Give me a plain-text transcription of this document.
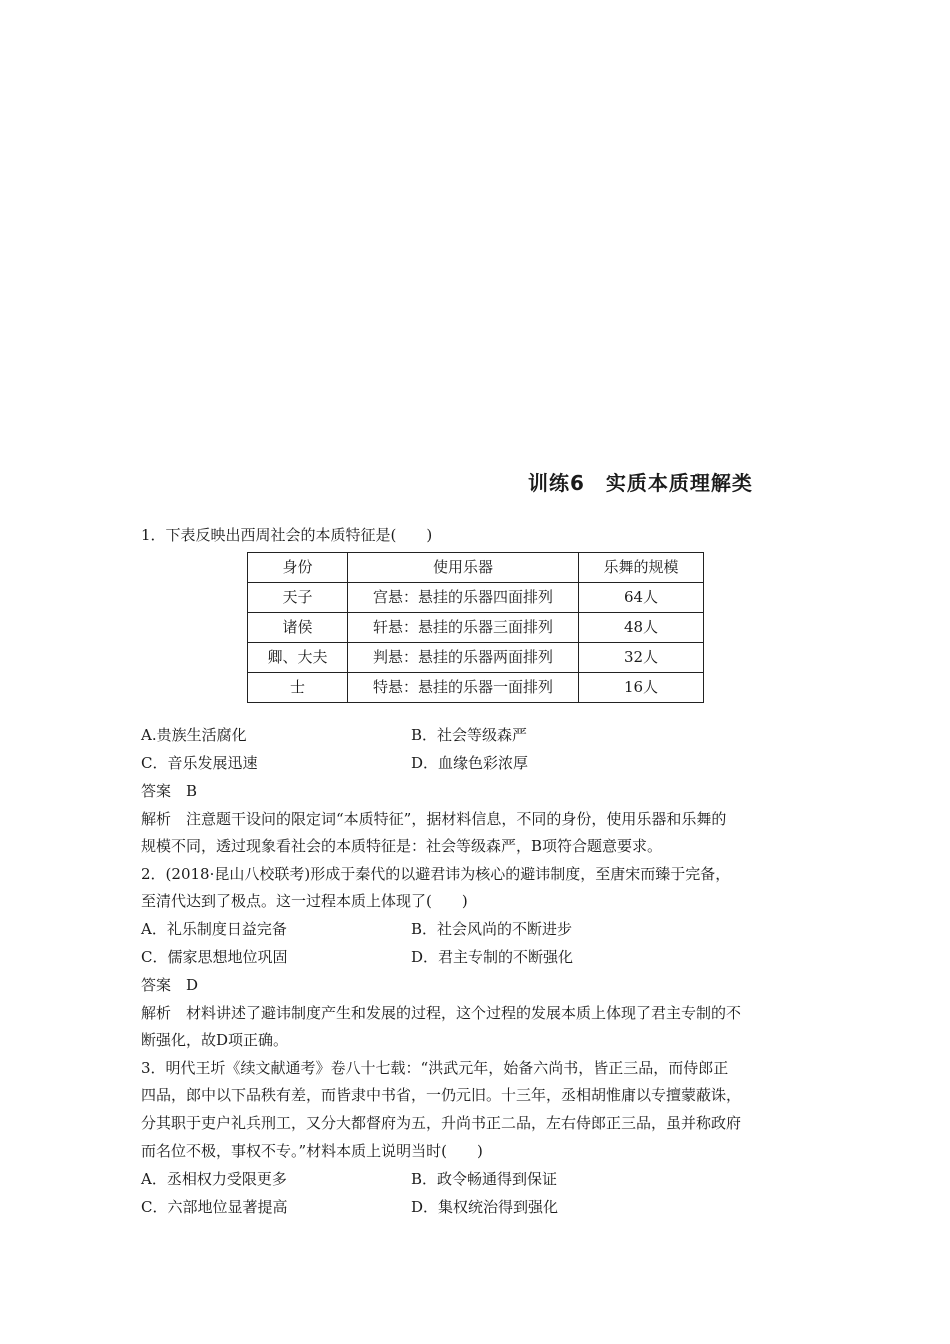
训练6　实质本质理解类
1．下表反映出西周社会的本质特征是(　　)
身份	使用乐器	乐舞的规模
天子	宫悬：悬挂的乐器四面排列	64人
诸侯	轩悬：悬挂的乐器三面排列	48人
卿、大夫	判悬：悬挂的乐器两面排列	32人
士	特悬：悬挂的乐器一面排列	16人
A.贵族生活腐化	B．社会等级森严
C．音乐发展迅速	D．血缘色彩浓厚
答案　B
解析　注意题干设问的限定词“本质特征”，据材料信息，不同的身份，使用乐器和乐舞的
规模不同，透过现象看社会的本质特征是：社会等级森严，B项符合题意要求。
2．(2018·昆山八校联考)形成于秦代的以避君讳为核心的避讳制度，至唐宋而臻于完备，
至清代达到了极点。这一过程本质上体现了(　　)
A．礼乐制度日益完备	B．社会风尚的不断进步
C．儒家思想地位巩固	D．君主专制的不断强化
答案　D
解析　材料讲述了避讳制度产生和发展的过程，这个过程的发展本质上体现了君主专制的不
断强化，故D项正确。
3．明代王圻《续文献通考》卷八十七载：“洪武元年，始备六尚书，皆正三品，而侍郎正
四品，郎中以下品秩有差，而皆隶中书省，一仍元旧。十三年，丞相胡惟庸以专擅蒙蔽诛，
分其职于吏户礼兵刑工，又分大都督府为五，升尚书正二品，左右侍郎正三品，虽并称政府
而名位不极，事权不专。”材料本质上说明当时(　　)
A．丞相权力受限更多	B．政令畅通得到保证
C．六部地位显著提高	D．集权统治得到强化
